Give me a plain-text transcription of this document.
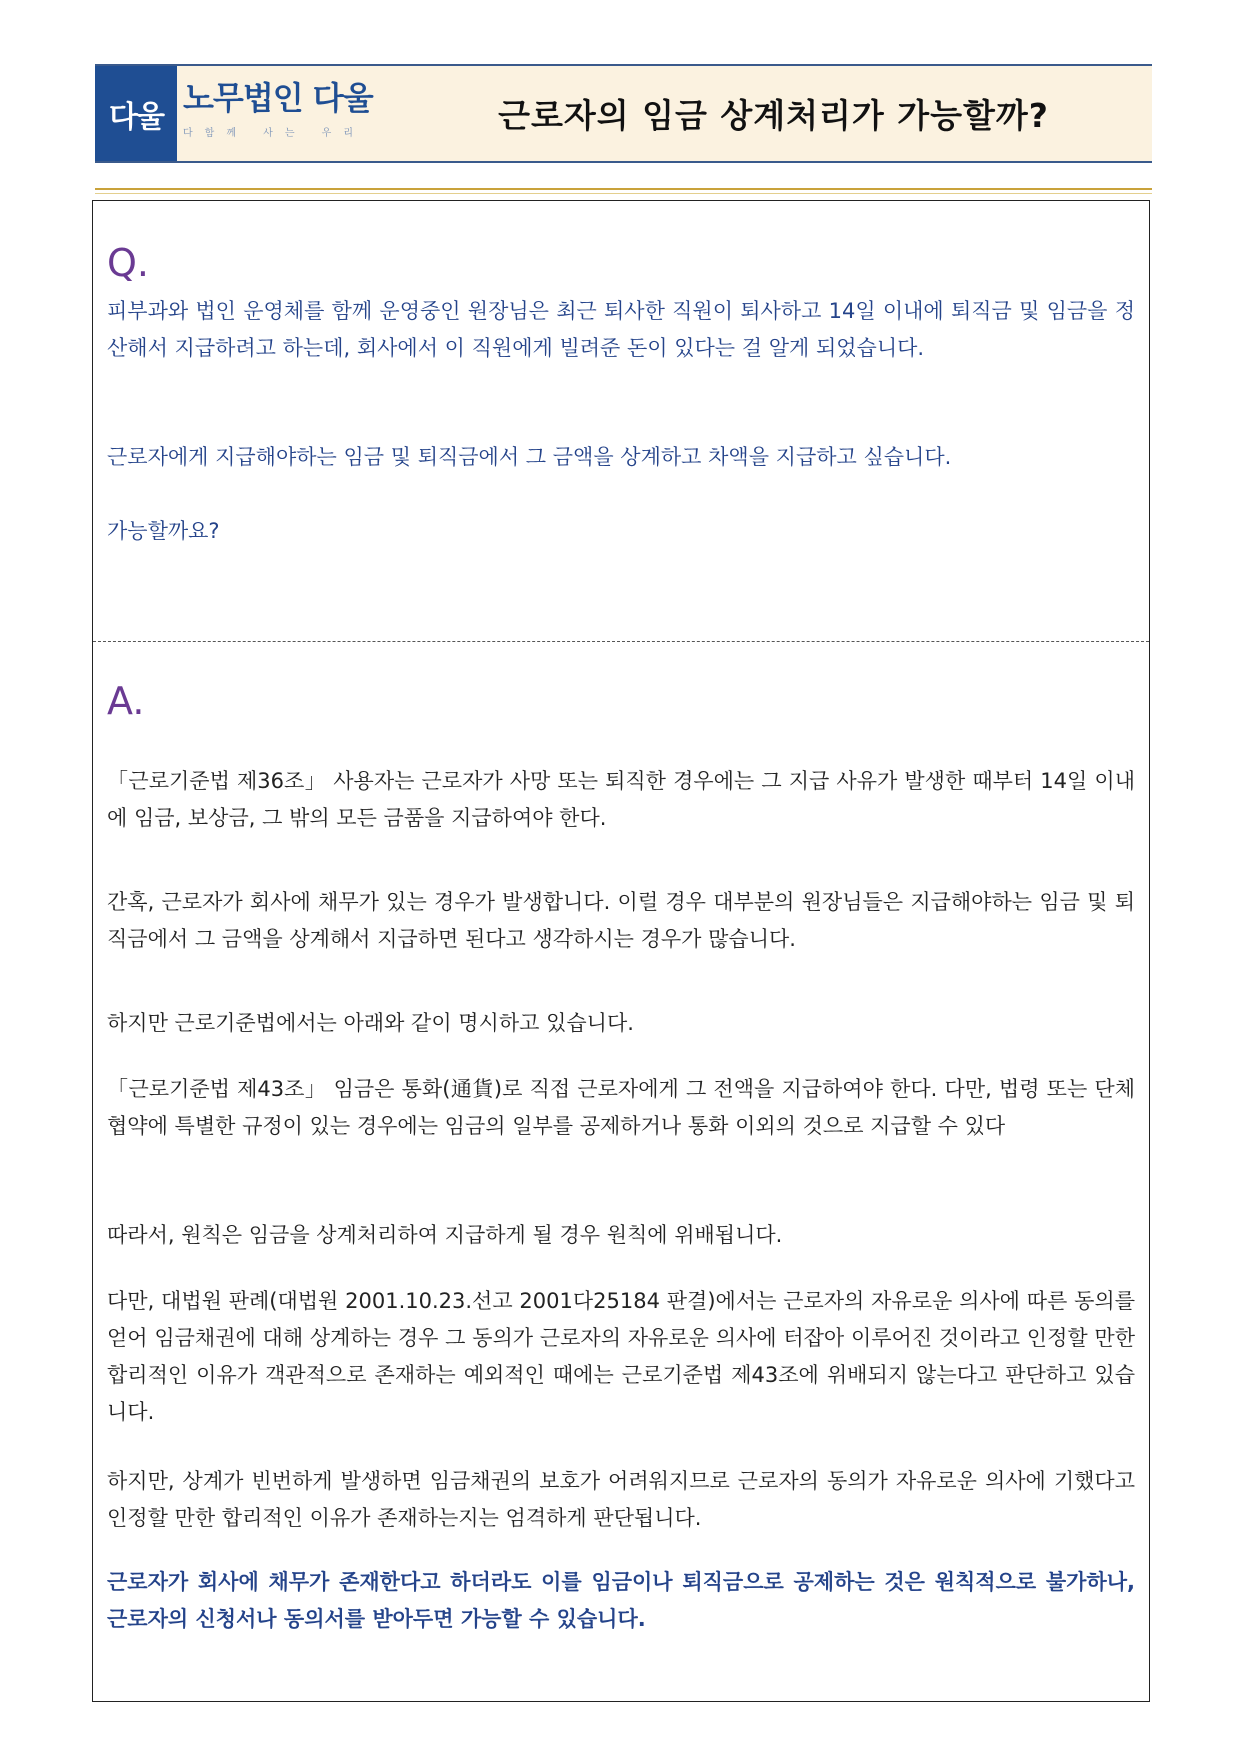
다울 노무법인 다울
다함께 사는 우리	근로자의 임금 상계처리가 가능할까?
Q.

피부과와 법인 운영체를 함께 운영중인 원장님은 최근 퇴사한 직원이 퇴사하고 14일 이내에 퇴직금 및 임금을 정산해서 지급하려고 하는데, 회사에서 이 직원에게 빌려준 돈이 있다는 걸 알게 되었습니다.

근로자에게 지급해야하는 임금 및 퇴직금에서 그 금액을 상계하고 차액을 지급하고 싶습니다.

가능할까요?

A.

「근로기준법 제36조」 사용자는 근로자가 사망 또는 퇴직한 경우에는 그 지급 사유가 발생한 때부터 14일 이내에 임금, 보상금, 그 밖의 모든 금품을 지급하여야 한다.

간혹, 근로자가 회사에 채무가 있는 경우가 발생합니다. 이럴 경우 대부분의 원장님들은 지급해야하는 임금 및 퇴직금에서 그 금액을 상계해서 지급하면 된다고 생각하시는 경우가 많습니다.

하지만 근로기준법에서는 아래와 같이 명시하고 있습니다.

「근로기준법 제43조」 임금은 통화(通貨)로 직접 근로자에게 그 전액을 지급하여야 한다. 다만, 법령 또는 단체협약에 특별한 규정이 있는 경우에는 임금의 일부를 공제하거나 통화 이외의 것으로 지급할 수 있다

따라서, 원칙은 임금을 상계처리하여 지급하게 될 경우 원칙에 위배됩니다.

다만, 대법원 판례(대법원 2001.10.23.선고 2001다25184 판결)에서는 근로자의 자유로운 의사에 따른 동의를 얻어 임금채권에 대해 상계하는 경우 그 동의가 근로자의 자유로운 의사에 터잡아 이루어진 것이라고 인정할 만한 합리적인 이유가 객관적으로 존재하는 예외적인 때에는 근로기준법 제43조에 위배되지 않는다고 판단하고 있습니다.

하지만, 상계가 빈번하게 발생하면 임금채권의 보호가 어려워지므로 근로자의 동의가 자유로운 의사에 기했다고 인정할 만한 합리적인 이유가 존재하는지는 엄격하게 판단됩니다.

근로자가 회사에 채무가 존재한다고 하더라도 이를 임금이나 퇴직금으로 공제하는 것은 원칙적으로 불가하나, 근로자의 신청서나 동의서를 받아두면 가능할 수 있습니다.
